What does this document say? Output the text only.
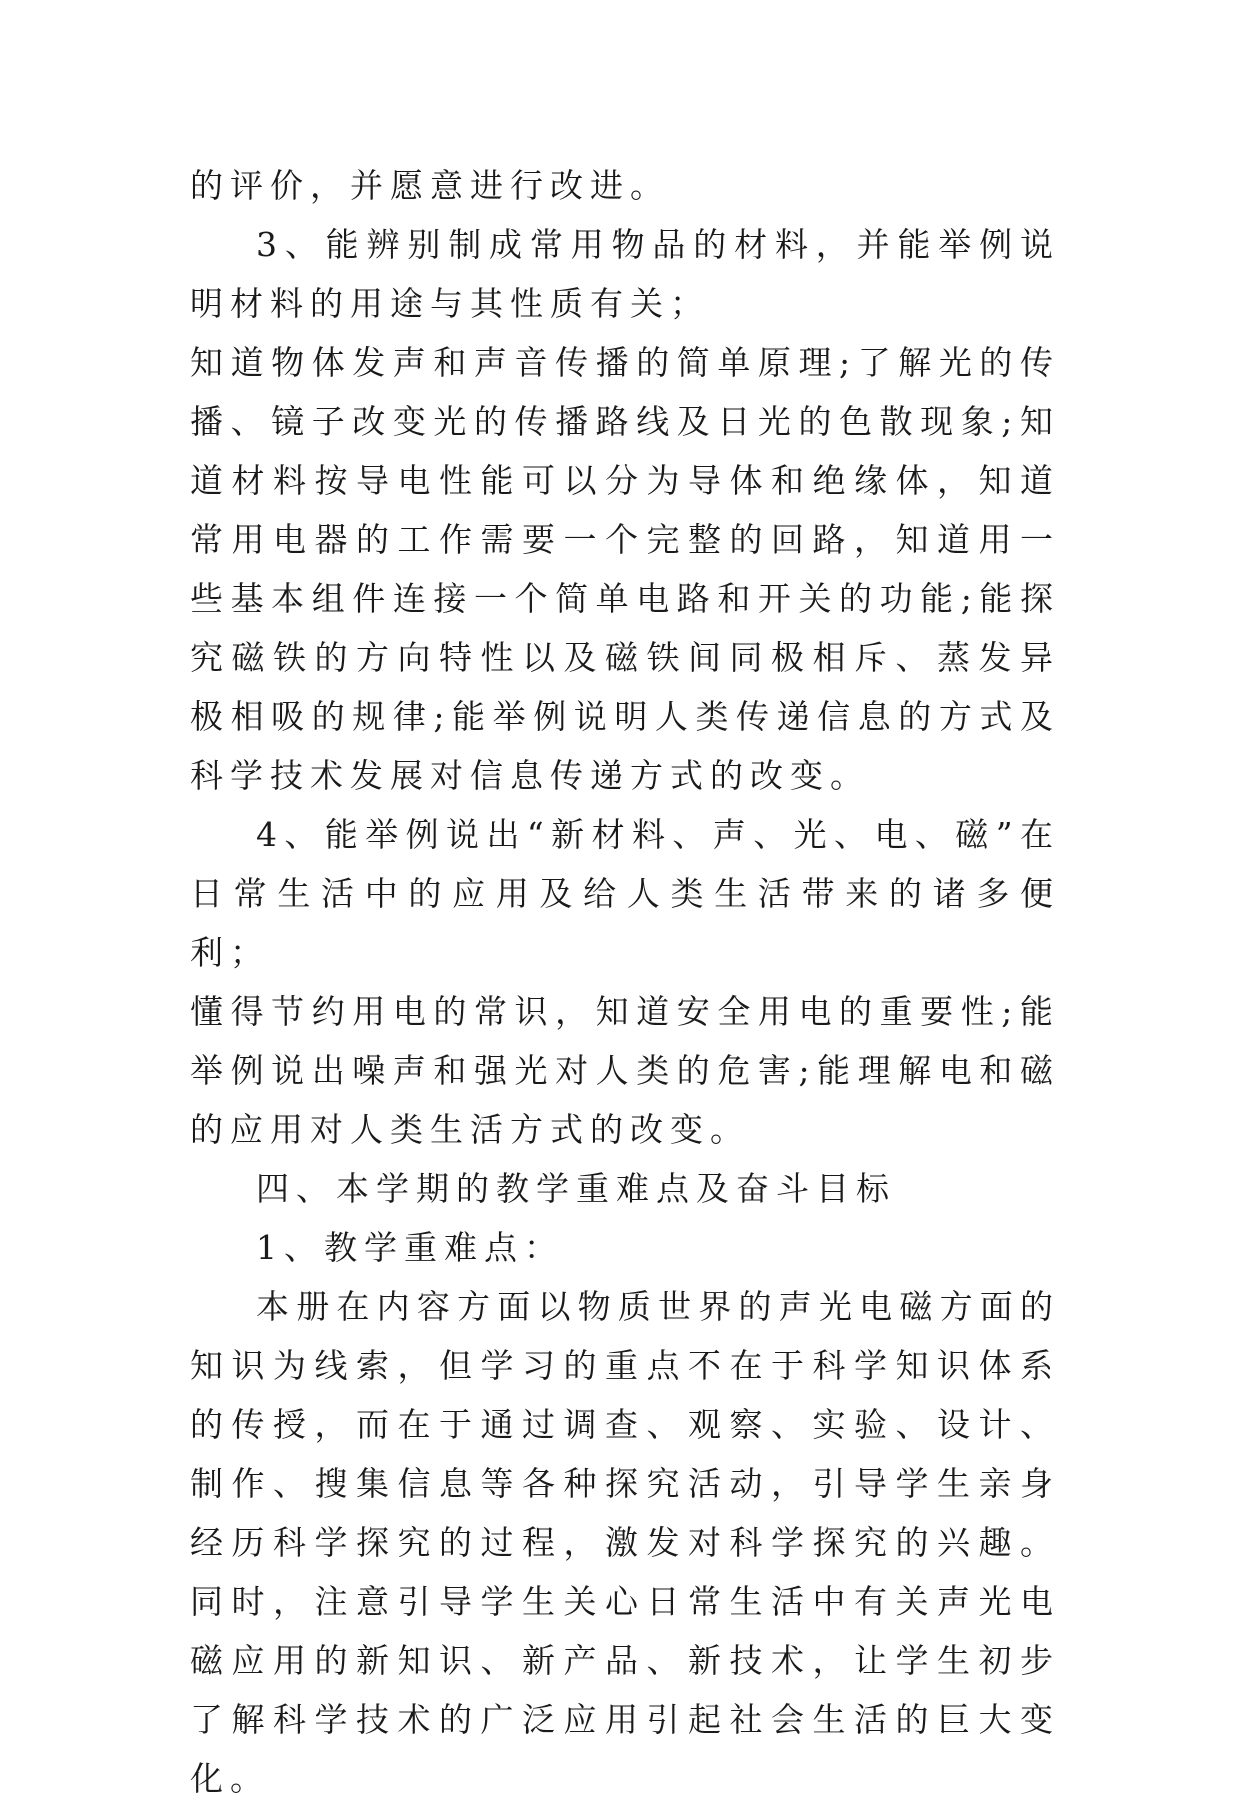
的评价，并愿意进行改进。

3、能辨别制成常用物品的材料，并能举例说明材料的用途与其性质有关；

知道物体发声和声音传播的简单原理;了解光的传播、镜子改变光的传播路线及日光的色散现象;知道材料按导电性能可以分为导体和绝缘体，知道常用电器的工作需要一个完整的回路，知道用一些基本组件连接一个简单电路和开关的功能;能探究磁铁的方向特性以及磁铁间同极相斥、蒸发异极相吸的规律;能举例说明人类传递信息的方式及科学技术发展对信息传递方式的改变。

4、能举例说出“新材料、声、光、电、磁”在日常生活中的应用及给人类生活带来的诸多便利；

懂得节约用电的常识，知道安全用电的重要性;能举例说出噪声和强光对人类的危害;能理解电和磁的应用对人类生活方式的改变。

四、本学期的教学重难点及奋斗目标

1、教学重难点：

本册在内容方面以物质世界的声光电磁方面的知识为线索，但学习的重点不在于科学知识体系的传授，而在于通过调查、观察、实验、设计、制作、搜集信息等各种探究活动，引导学生亲身经历科学探究的过程，激发对科学探究的兴趣。同时，注意引导学生关心日常生活中有关声光电磁应用的新知识、新产品、新技术，让学生初步了解科学技术的广泛应用引起社会生活的巨大变化。
